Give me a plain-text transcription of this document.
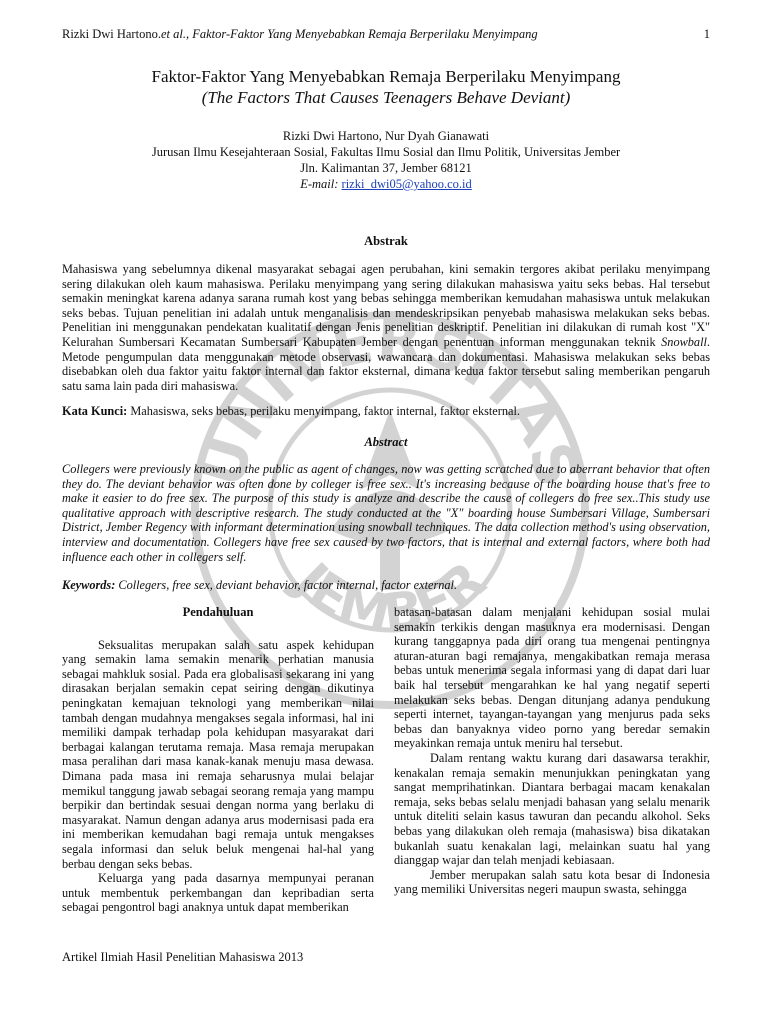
UNIVERSITAS
JEMBER
Rizki Dwi Hartono.et al., Faktor-Faktor Yang Menyebabkan Remaja Berperilaku Menyimpang	1
Faktor-Faktor Yang Menyebabkan Remaja Berperilaku Menyimpang
(The Factors That Causes Teenagers Behave Deviant)
Rizki Dwi Hartono, Nur Dyah Gianawati
Jurusan Ilmu Kesejahteraan Sosial, Fakultas Ilmu Sosial dan Ilmu Politik, Universitas Jember
Jln. Kalimantan 37, Jember 68121
E-mail: rizki_dwi05@yahoo.co.id
Abstrak
Mahasiswa yang sebelumnya dikenal masyarakat sebagai agen perubahan, kini semakin tergores akibat perilaku menyimpang sering dilakukan oleh kaum mahasiswa. Perilaku menyimpang yang sering dilakukan mahasiswa yaitu seks bebas. Hal tersebut semakin meningkat karena adanya sarana rumah kost yang bebas sehingga memberikan kemudahan mahasiswa untuk melakukan seks bebas. Tujuan penelitian ini adalah untuk menganalisis dan mendeskripsikan penyebab mahasiswa melakukan seks bebas. Penelitian ini menggunakan pendekatan kualitatif dengan Jenis penelitian deskriptif. Penelitian ini dilakukan di rumah kost "X" Kelurahan Sumbersari Kecamatan Sumbersari Kabupaten Jember dengan penentuan informan menggunakan teknik Snowball. Metode pengumpulan data menggunakan metode observasi, wawancara dan dokumentasi. Mahasiswa melakukan seks bebas disebabkan oleh dua faktor yaitu faktor internal dan faktor eksternal, dimana kedua faktor tersebut saling memberikan pengaruh satu sama lain pada diri mahasiswa.
Kata Kunci: Mahasiswa, seks bebas, perilaku menyimpang, faktor internal, faktor eksternal.
Abstract
Collegers were previously known on the public as agent of changes, now was getting scratched due to aberrant behavior that often they do. The deviant behavior was often done by colleger is free sex.. It's increasing because of the boarding house that's free to make it easier to do free sex. The purpose of this study is analyze and describe the cause of collegers do free sex..This study use qualitative approach with descriptive research. The study conducted at the "X" boarding house Sumbersari Village, Sumbersari District, Jember Regency with informant determination using snowball techniques. The data collection method's using observation, interview and documentation. Collegers have free sex caused by two factors, that is internal and external factors, where both had influence each other in collegers self.
Keywords: Collegers, free sex, deviant behavior, factor internal, factor external.
Pendahuluan

Seksualitas merupakan salah satu aspek kehidupan yang semakin lama semakin menarik perhatian manusia sebagai mahkluk sosial. Pada era globalisasi sekarang ini yang dirasakan berjalan semakin cepat seiring dengan dikutinya peningkatan kemajuan teknologi yang memberikan nilai tambah dengan mudahnya mengakses segala informasi, hal ini memiliki dampak terhadap pola kehidupan masyarakat dari berbagai kalangan terutama remaja. Masa remaja merupakan masa peralihan dari masa kanak-kanak menuju masa dewasa. Dimana pada masa ini remaja seharusnya mulai belajar memikul tanggung jawab sebagai seorang remaja yang mampu berpikir dan bertindak sesuai dengan norma yang berlaku di masyarakat. Namun dengan adanya arus modernisasi pada era ini memberikan kemudahan bagi remaja untuk mengakses segala informasi dan seluk beluk mengenai hal-hal yang berbau dengan seks bebas.

Keluarga yang pada dasarnya mempunyai peranan untuk membentuk perkembangan dan kepribadian serta sebagai pengontrol bagi anaknya untuk dapat memberikan

batasan-batasan dalam menjalani kehidupan sosial mulai semakin terkikis dengan masuknya era modernisasi. Dengan kurang tanggapnya pada diri orang tua mengenai pentingnya aturan-aturan bagi remajanya, mengakibatkan remaja merasa bebas untuk menerima segala informasi yang di dapat dari luar baik hal tersebut mengarahkan ke hal yang negatif seperti melakukan seks bebas. Dengan ditunjang adanya pendukung seperti internet, tayangan-tayangan yang menjurus pada seks bebas dan banyaknya video porno yang beredar semakin meyakinkan remaja untuk meniru hal tersebut.

Dalam rentang waktu kurang dari dasawarsa terakhir, kenakalan remaja semakin menunjukkan peningkatan yang sangat memprihatinkan. Diantara berbagai macam kenakalan remaja, seks bebas selalu menjadi bahasan yang selalu menarik untuk diteliti selain kasus tawuran dan pecandu alkohol. Seks bebas yang dilakukan oleh remaja (mahasiswa) bisa dikatakan bukanlah suatu kenakalan lagi, melainkan suatu hal yang dianggap wajar dan telah menjadi kebiasaan.

Jember merupakan salah satu kota besar di Indonesia yang memiliki Universitas negeri maupun swasta, sehingga

Artikel Ilmiah Hasil Penelitian Mahasiswa 2013
